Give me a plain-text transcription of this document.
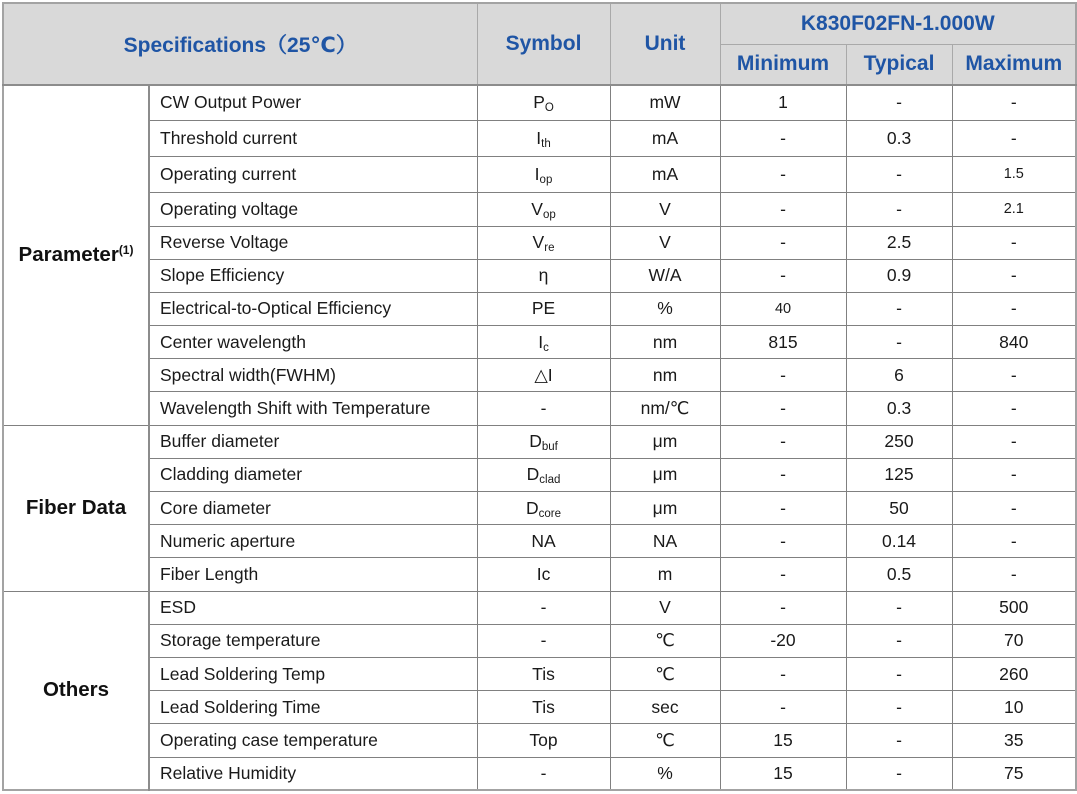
Specifications（25℃）		Symbol	Unit	K830F02FN-1.000W		
				Minimum	Typical	Maximum
Parameter$^{(1)}$	CW Output Power	$P_O$	mW	1	-	-
	Threshold current	$I_{th}$	mA	-	0.3	-
	Operating current	$I_{op}$	mA	-	-	1.5
	Operating voltage	$V_{op}$	V	-	-	2.1
	Reverse Voltage	$V_{re}$	V	-	2.5	-
	Slope Efficiency	η	W/A	-	0.9	-
	Electrical-to-Optical Efficiency	PE	%	40	-	-
	Center wavelength	$I_c$	nm	815	-	840
	Spectral width(FWHM)	△I	nm	-	6	-
	Wavelength Shift with Temperature	-	nm/℃	-	0.3	-
Fiber Data	Buffer diameter	$D_{buf}$	μm	-	250	-
	Cladding diameter	$D_{clad}$	μm	-	125	-
	Core diameter	$D_{core}$	μm	-	50	-
	Numeric aperture	NA	NA	-	0.14	-
	Fiber Length	Ic	m	-	0.5	-
Others	ESD	-	V	-	-	500
	Storage temperature	-	℃	-20	-	70
	Lead Soldering Temp	Tis	℃	-	-	260
	Lead Soldering Time	Tis	sec	-	-	10
	Operating case temperature	Top	℃	15	-	35
	Relative Humidity	-	%	15	-	75
